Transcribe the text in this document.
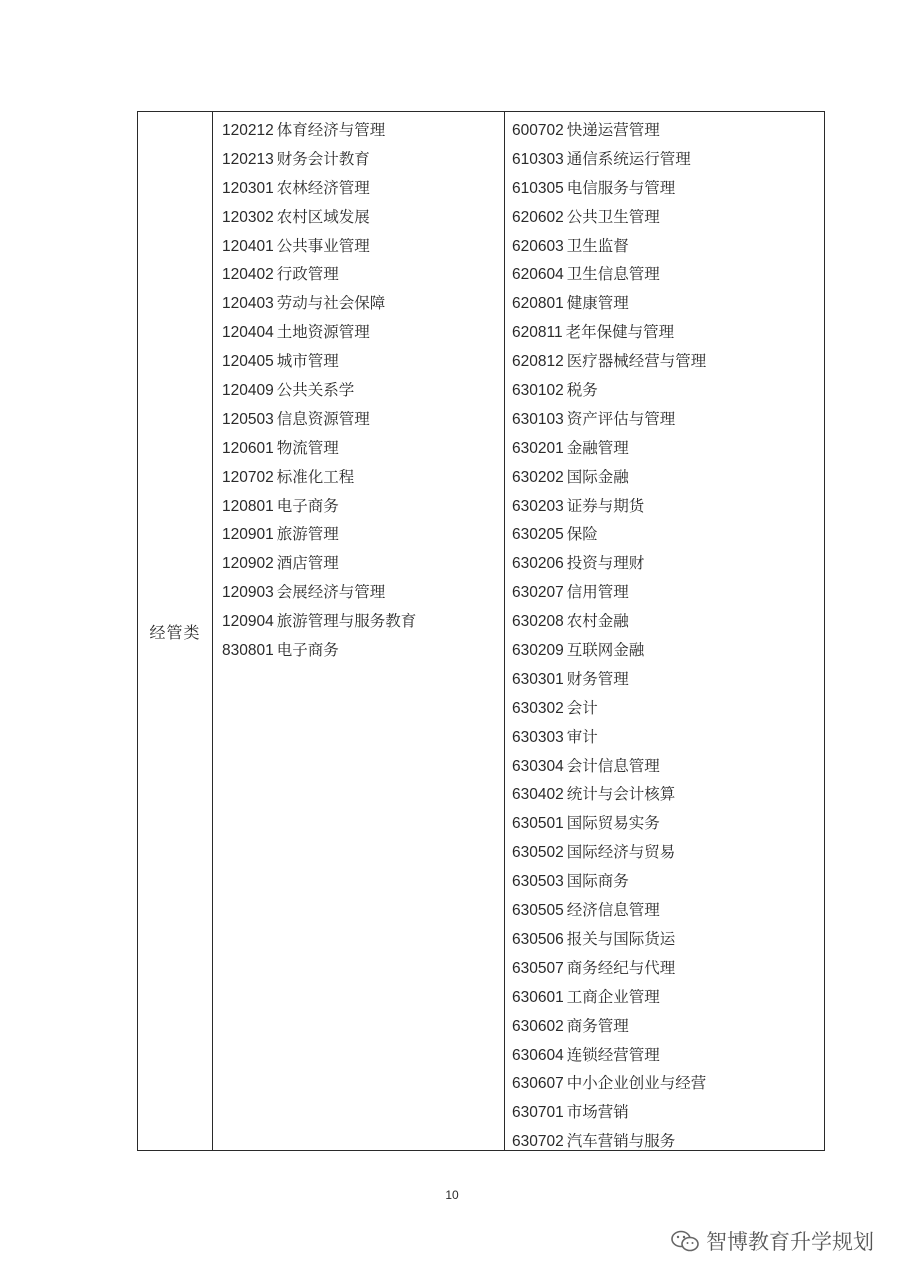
经管类
120212 体育经济与管理
120213 财务会计教育
120301 农林经济管理
120302 农村区域发展
120401 公共事业管理
120402 行政管理
120403 劳动与社会保障
120404 土地资源管理
120405 城市管理
120409 公共关系学
120503 信息资源管理
120601 物流管理
120702 标准化工程
120801 电子商务
120901 旅游管理
120902 酒店管理
120903 会展经济与管理
120904 旅游管理与服务教育
830801 电子商务
600702 快递运营管理
610303 通信系统运行管理
610305 电信服务与管理
620602 公共卫生管理
620603 卫生监督
620604 卫生信息管理
620801 健康管理
620811 老年保健与管理
620812 医疗器械经营与管理
630102 税务
630103 资产评估与管理
630201 金融管理
630202 国际金融
630203 证券与期货
630205 保险
630206 投资与理财
630207 信用管理
630208 农村金融
630209 互联网金融
630301 财务管理
630302 会计
630303 审计
630304 会计信息管理
630402 统计与会计核算
630501 国际贸易实务
630502 国际经济与贸易
630503 国际商务
630505 经济信息管理
630506 报关与国际货运
630507 商务经纪与代理
630601 工商企业管理
630602 商务管理
630604 连锁经营管理
630607 中小企业创业与经营
630701 市场营销
630702 汽车营销与服务
10
智博教育升学规划
